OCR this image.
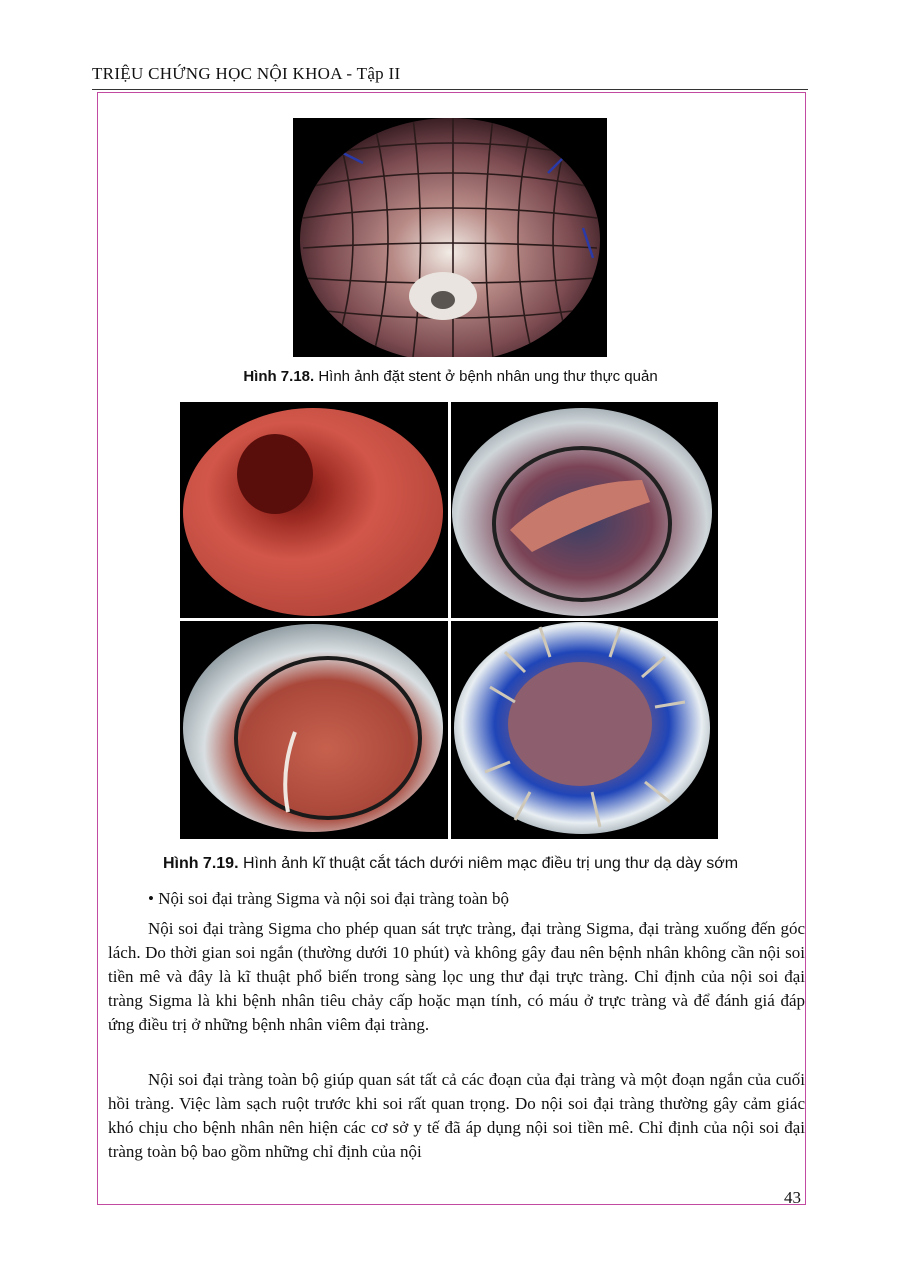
TRIỆU CHỨNG HỌC NỘI KHOA - Tập II
Hình 7.18. Hình ảnh đặt stent ở bệnh nhân ung thư thực quản
Hình 7.19. Hình ảnh kĩ thuật cắt tách dưới niêm mạc điều trị ung thư dạ dày sớm
• Nội soi đại tràng Sigma và nội soi đại tràng toàn bộ
Nội soi đại tràng Sigma cho phép quan sát trực tràng, đại tràng Sigma, đại tràng xuống đến góc lách. Do thời gian soi ngắn (thường dưới 10 phút) và không gây đau nên bệnh nhân không cần nội soi tiền mê và đây là kĩ thuật phổ biến trong sàng lọc ung thư đại trực tràng. Chỉ định của nội soi đại tràng Sigma là khi bệnh nhân tiêu chảy cấp hoặc mạn tính, có máu ở trực tràng và để đánh giá đáp ứng điều trị ở những bệnh nhân viêm đại tràng.
Nội soi đại tràng toàn bộ giúp quan sát tất cả các đoạn của đại tràng và một đoạn ngắn của cuối hồi tràng. Việc làm sạch ruột trước khi soi rất quan trọng. Do nội soi đại tràng thường gây cảm giác khó chịu cho bệnh nhân nên hiện các cơ sở y tế đã áp dụng nội soi tiền mê. Chỉ định của nội soi đại tràng toàn bộ bao gồm những chỉ định của nội
43
